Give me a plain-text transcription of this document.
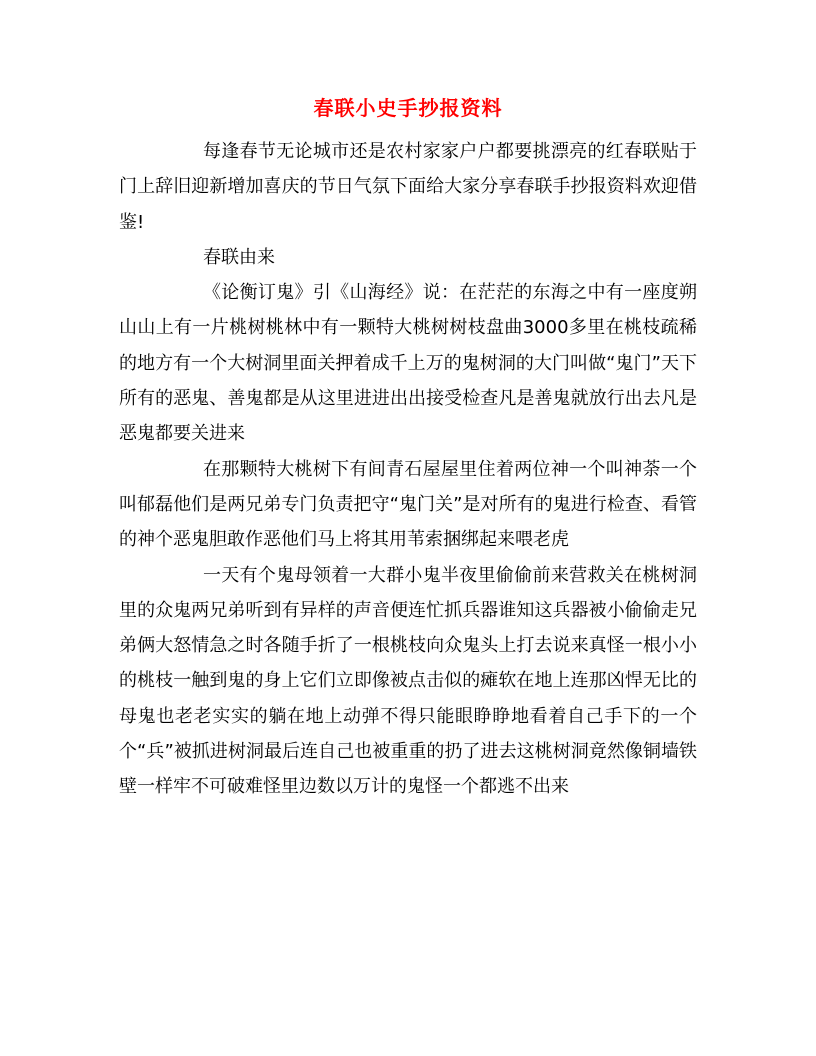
春联小史手抄报资料

每逢春节无论城市还是农村家家户户都要挑漂亮的红春联贴于门上辞旧迎新增加喜庆的节日气氛下面给大家分享春联手抄报资料欢迎借鉴!

春联由来

《论衡订鬼》引《山海经》说：在茫茫的东海之中有一座度朔山山上有一片桃树桃林中有一颗特大桃树树枝盘曲3000多里在桃枝疏稀的地方有一个大树洞里面关押着成千上万的鬼树洞的大门叫做“鬼门”天下所有的恶鬼、善鬼都是从这里进进出出接受检查凡是善鬼就放行出去凡是恶鬼都要关进来

在那颗特大桃树下有间青石屋屋里住着两位神一个叫神荼一个叫郁磊他们是两兄弟专门负责把守“鬼门关”是对所有的鬼进行检查、看管的神个恶鬼胆敢作恶他们马上将其用苇索捆绑起来喂老虎

一天有个鬼母领着一大群小鬼半夜里偷偷前来营救关在桃树洞里的众鬼两兄弟听到有异样的声音便连忙抓兵器谁知这兵器被小偷偷走兄弟俩大怒情急之时各随手折了一根桃枝向众鬼头上打去说来真怪一根小小的桃枝一触到鬼的身上它们立即像被点击似的瘫软在地上连那凶悍无比的母鬼也老老实实的躺在地上动弹不得只能眼睁睁地看着自己手下的一个个“兵”被抓进树洞最后连自己也被重重的扔了进去这桃树洞竟然像铜墙铁壁一样牢不可破难怪里边数以万计的鬼怪一个都逃不出来
